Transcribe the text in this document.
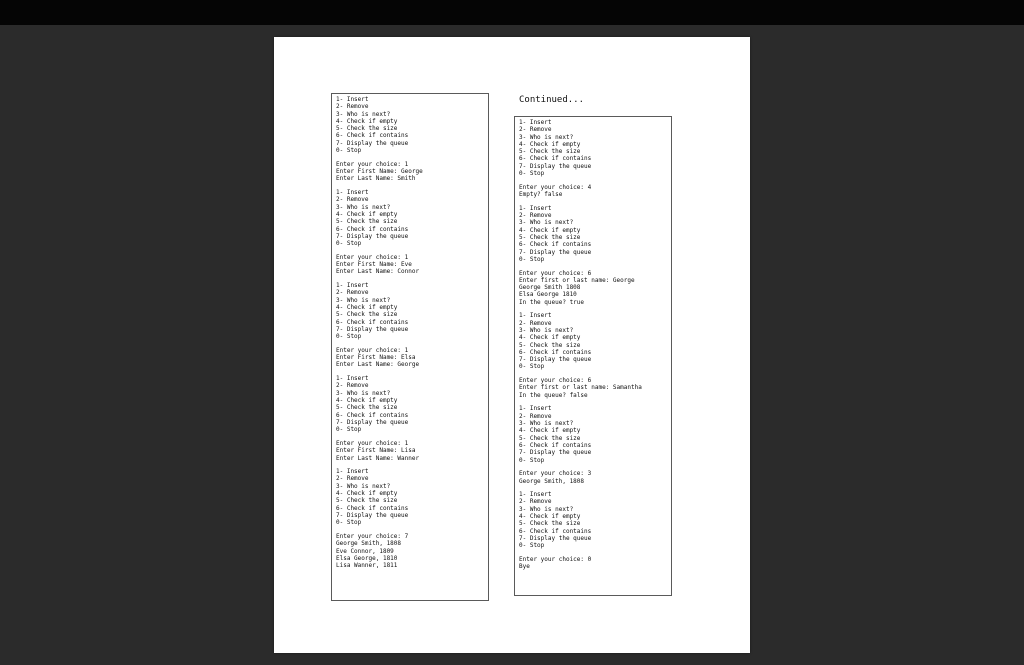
1- Insert
2- Remove
3- Who is next?
4- Check if empty
5- Check the size
6- Check if contains
7- Display the queue
0- Stop
Enter your choice: 1
Enter First Name: George
Enter Last Name: Smith
1- Insert
2- Remove
3- Who is next?
4- Check if empty
5- Check the size
6- Check if contains
7- Display the queue
0- Stop
Enter your choice: 1
Enter First Name: Eve
Enter Last Name: Connor
1- Insert
2- Remove
3- Who is next?
4- Check if empty
5- Check the size
6- Check if contains
7- Display the queue
0- Stop
Enter your choice: 1
Enter First Name: Elsa
Enter Last Name: George
1- Insert
2- Remove
3- Who is next?
4- Check if empty
5- Check the size
6- Check if contains
7- Display the queue
0- Stop
Enter your choice: 1
Enter First Name: Lisa
Enter Last Name: Wanner
1- Insert
2- Remove
3- Who is next?
4- Check if empty
5- Check the size
6- Check if contains
7- Display the queue
0- Stop
Enter your choice: 7
George Smith, 1808
Eve Connor, 1809
Elsa George, 1810
Lisa Wanner, 1811
Continued...
1- Insert
2- Remove
3- Who is next?
4- Check if empty
5- Check the size
6- Check if contains
7- Display the queue
0- Stop
Enter your choice: 4
Empty? false
1- Insert
2- Remove
3- Who is next?
4- Check if empty
5- Check the size
6- Check if contains
7- Display the queue
0- Stop
Enter your choice: 6
Enter first or last name: George
George Smith 1808
Elsa George 1810
In the queue? true
1- Insert
2- Remove
3- Who is next?
4- Check if empty
5- Check the size
6- Check if contains
7- Display the queue
0- Stop
Enter your choice: 6
Enter first or last name: Samantha
In the queue? false
1- Insert
2- Remove
3- Who is next?
4- Check if empty
5- Check the size
6- Check if contains
7- Display the queue
0- Stop
Enter your choice: 3
George Smith, 1808
1- Insert
2- Remove
3- Who is next?
4- Check if empty
5- Check the size
6- Check if contains
7- Display the queue
0- Stop
Enter your choice: 0
Bye
